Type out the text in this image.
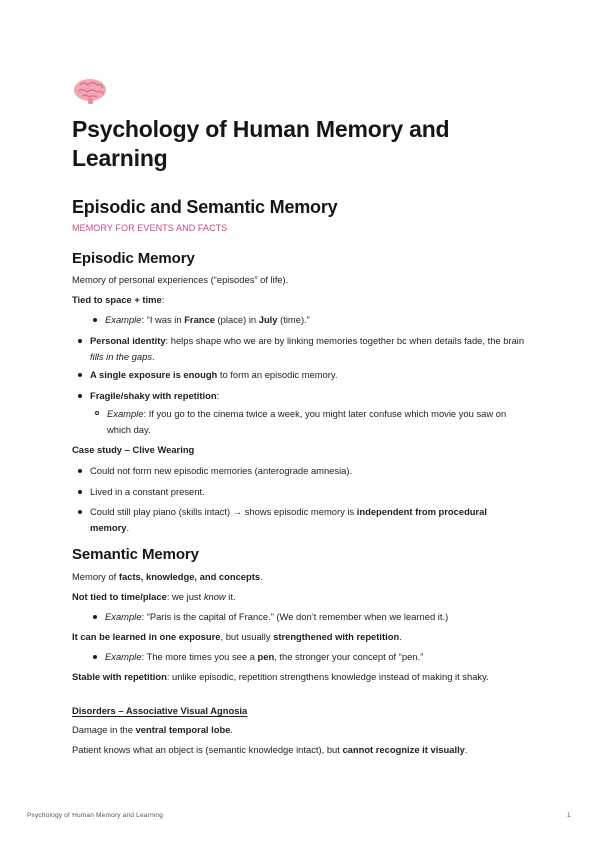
Psychology of Human Memory and Learning
Episodic and Semantic Memory
MEMORY FOR EVENTS AND FACTS
Episodic Memory
Memory of personal experiences (“episodes” of life).
Tied to space + time:
Example: “I was in France (place) in July (time).”
Personal identity: helps shape who we are by linking memories together bc when details fade, the brain fills in the gaps.
A single exposure is enough to form an episodic memory.
Fragile/shaky with repetition:
Example: If you go to the cinema twice a week, you might later confuse which movie you saw on which day.
Case study – Clive Wearing
Could not form new episodic memories (anterograde amnesia).
Lived in a constant present.
Could still play piano (skills intact) → shows episodic memory is independent from procedural memory.
Semantic Memory
Memory of facts, knowledge, and concepts.
Not tied to time/place: we just know it.
Example: “Paris is the capital of France.” (We don’t remember when we learned it.)
It can be learned in one exposure, but usually strengthened with repetition.
Example: The more times you see a pen, the stronger your concept of “pen.”
Stable with repetition: unlike episodic, repetition strengthens knowledge instead of making it shaky.
Disorders – Associative Visual Agnosia
Damage in the ventral temporal lobe.
Patient knows what an object is (semantic knowledge intact), but cannot recognize it visually.
Psychology of Human Memory and Learning	1
